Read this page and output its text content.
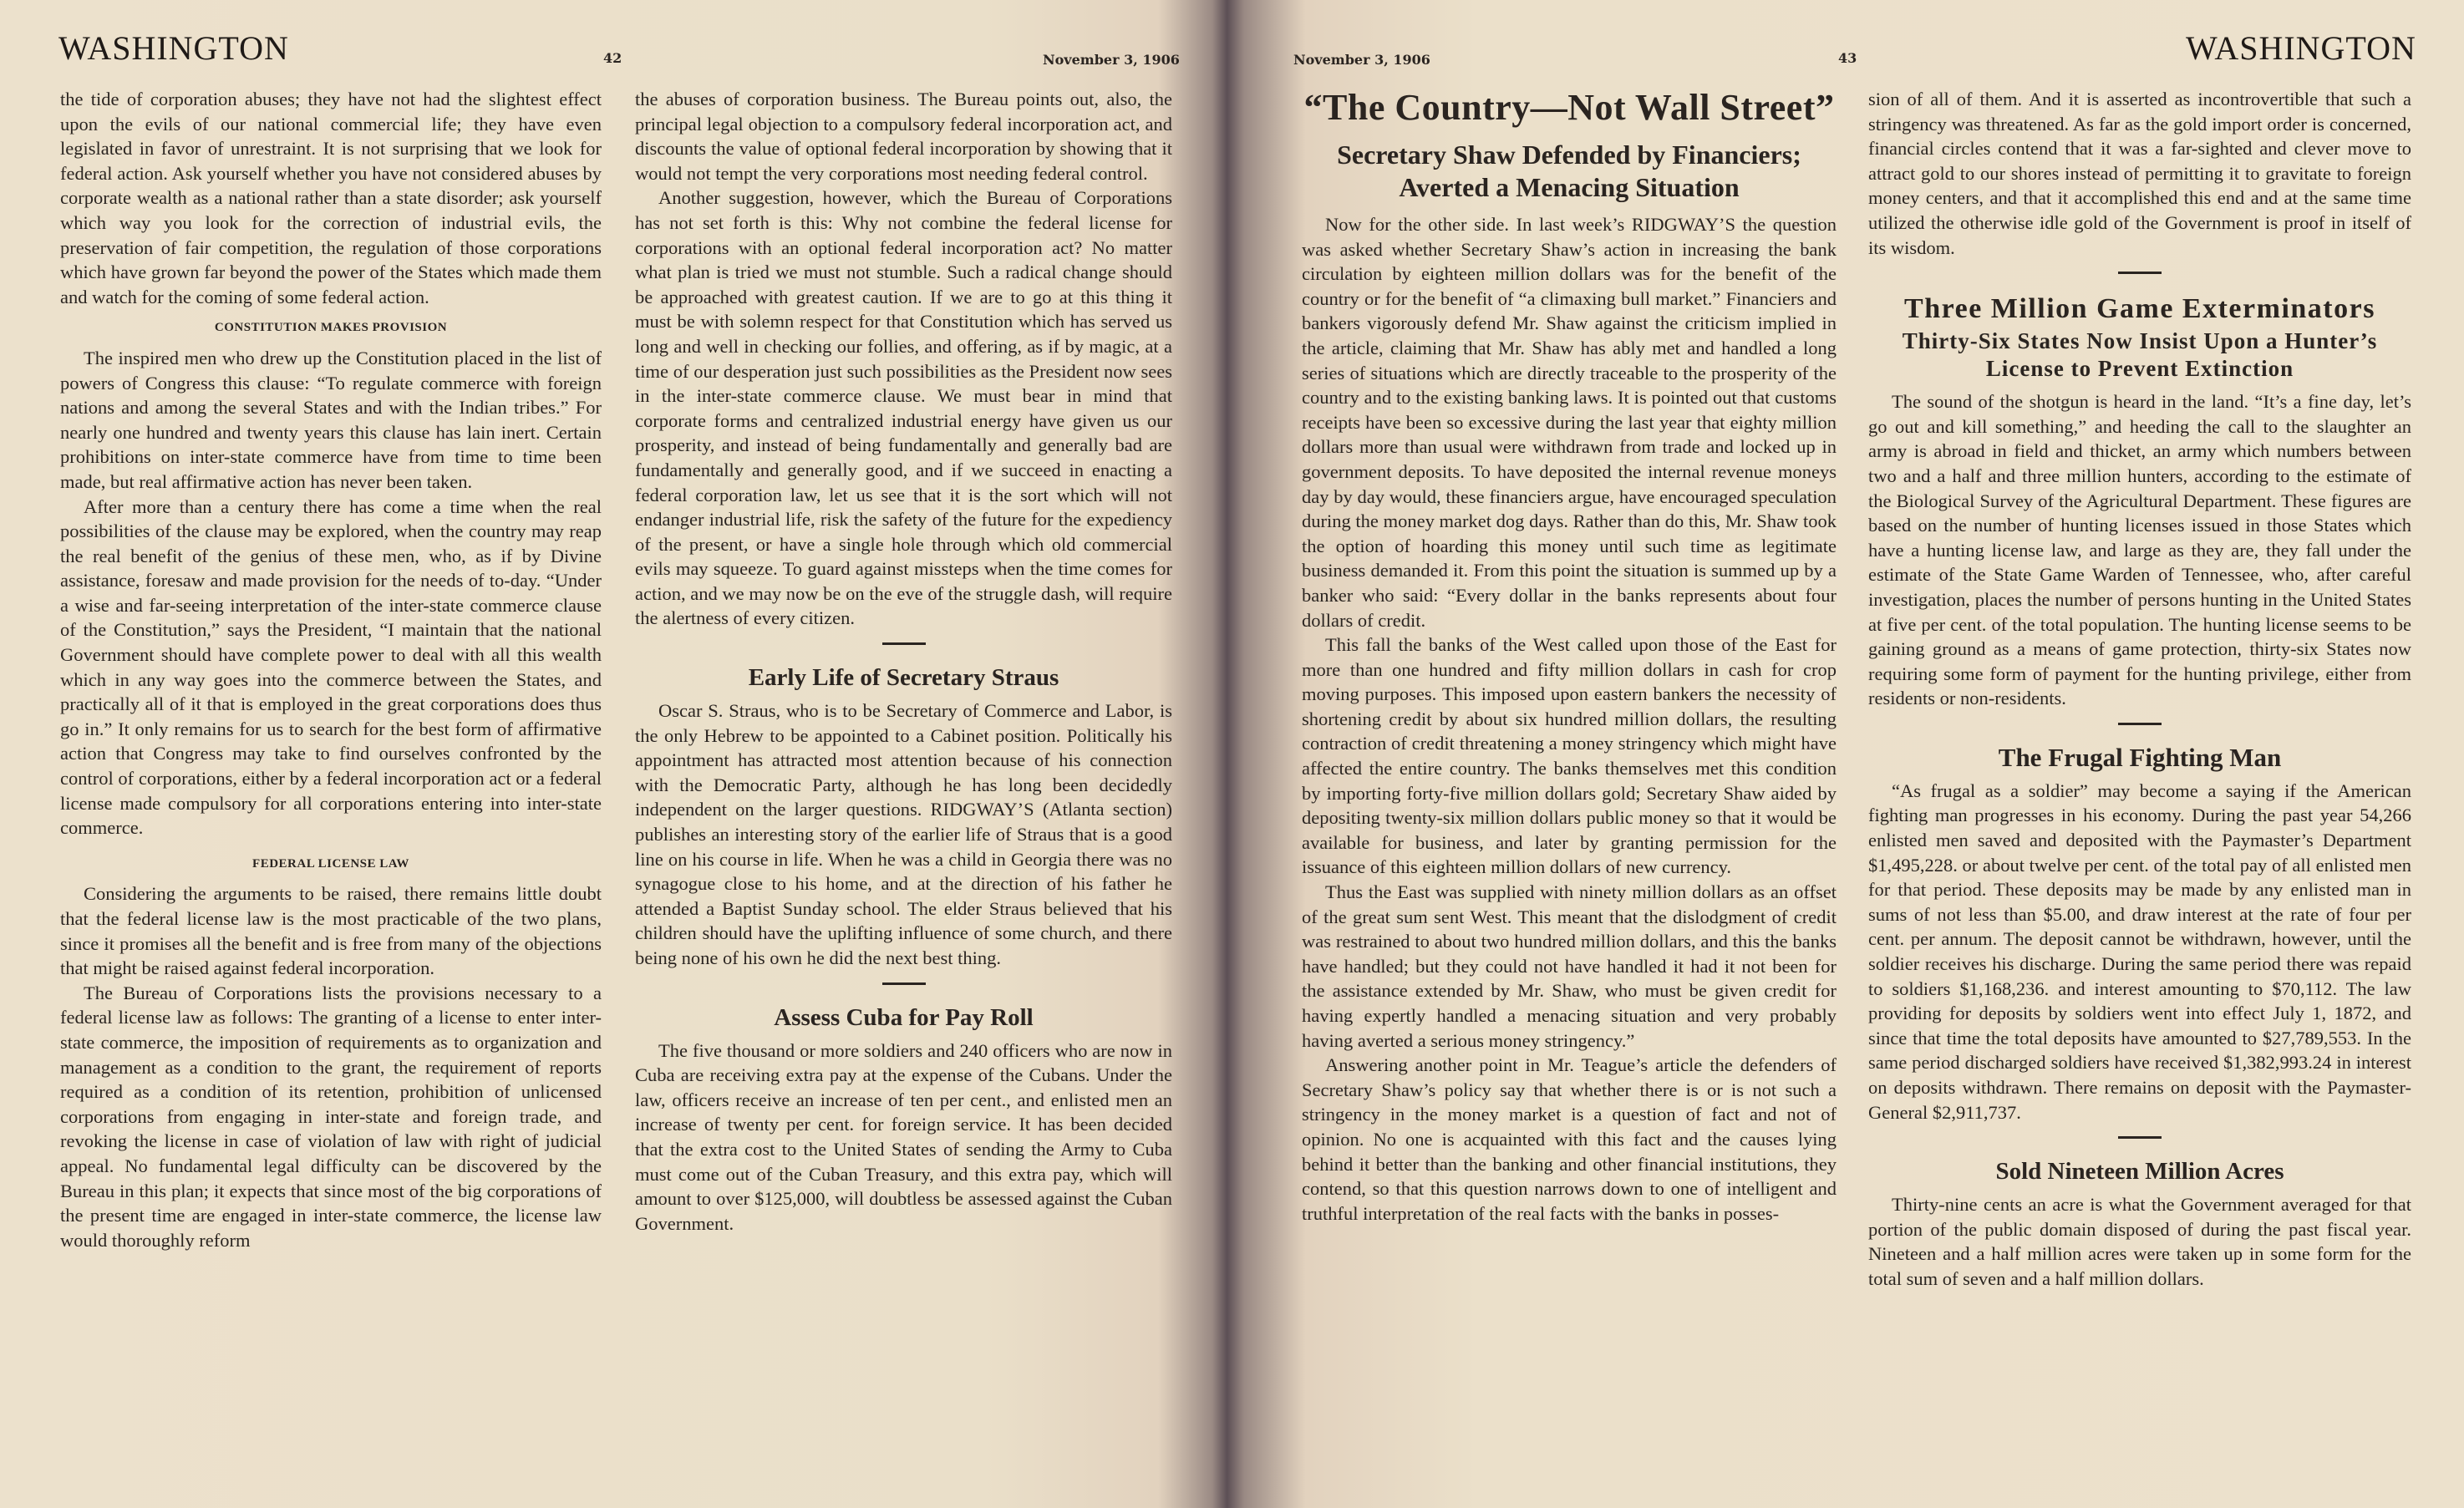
WASHINGTON	42	November 3, 1906

the tide of corporation abuses; they have not had the slightest effect upon the evils of our national commercial life; they have even legislated in favor of unrestraint. It is not surprising that we look for federal action. Ask yourself whether you have not considered abuses by corporate wealth as a national rather than a state disorder; ask yourself which way you look for the correction of industrial evils, the preservation of fair competition, the regulation of those corporations which have grown far beyond the power of the States which made them and watch for the coming of some federal action.

CONSTITUTION MAKES PROVISION

The inspired men who drew up the Constitution placed in the list of powers of Congress this clause: “To regulate commerce with foreign nations and among the several States and with the Indian tribes.” For nearly one hundred and twenty years this clause has lain inert. Certain prohibitions on inter-state commerce have from time to time been made, but real affirmative action has never been taken.

After more than a century there has come a time when the real possibilities of the clause may be explored, when the country may reap the real benefit of the genius of these men, who, as if by Divine assistance, foresaw and made provision for the needs of to-day. “Under a wise and far-seeing interpretation of the inter-state commerce clause of the Constitution,” says the President, “I maintain that the national Government should have complete power to deal with all this wealth which in any way goes into the commerce between the States, and practically all of it that is employed in the great corporations does thus go in.” It only remains for us to search for the best form of affirmative action that Congress may take to find ourselves confronted by the control of corporations, either by a federal incorporation act or a federal license made compulsory for all corporations entering into inter-state commerce.

FEDERAL LICENSE LAW

Considering the arguments to be raised, there remains little doubt that the federal license law is the most practicable of the two plans, since it promises all the benefit and is free from many of the objections that might be raised against federal incorporation.

The Bureau of Corporations lists the provisions necessary to a federal license law as follows: The granting of a license to enter inter-state commerce, the imposition of requirements as to organization and management as a condition to the grant, the requirement of reports required as a condition of its retention, prohibition of unlicensed corporations from engaging in inter-state and foreign trade, and revoking the license in case of violation of law with right of judicial appeal. No fundamental legal difficulty can be discovered by the Bureau in this plan; it expects that since most of the big corporations of the present time are engaged in inter-state commerce, the license law would thoroughly reform

the abuses of corporation business. The Bureau points out, also, the principal legal objection to a compulsory federal incorporation act, and discounts the value of optional federal incorporation by showing that it would not tempt the very corporations most needing federal control.

Another suggestion, however, which the Bureau of Corporations has not set forth is this: Why not combine the federal license for corporations with an optional federal incorporation act? No matter what plan is tried we must not stumble. Such a radical change should be approached with greatest caution. If we are to go at this thing it must be with solemn respect for that Constitution which has served us long and well in checking our follies, and offering, as if by magic, at a time of our desperation just such possibilities as the President now sees in the inter-state commerce clause. We must bear in mind that corporate forms and centralized industrial energy have given us our prosperity, and instead of being fundamentally and generally bad are fundamentally and generally good, and if we succeed in enacting a federal corporation law, let us see that it is the sort which will not endanger industrial life, risk the safety of the future for the expediency of the present, or have a single hole through which old commercial evils may squeeze. To guard against missteps when the time comes for action, and we may now be on the eve of the struggle dash, will require the alertness of every citizen.

Early Life of Secretary Straus

Oscar S. Straus, who is to be Secretary of Commerce and Labor, is the only Hebrew to be appointed to a Cabinet position. Politically his appointment has attracted most attention because of his connection with the Democratic Party, although he has long been decidedly independent on the larger questions. RIDGWAY’S (Atlanta section) publishes an interesting story of the earlier life of Straus that is a good line on his course in life. When he was a child in Georgia there was no synagogue close to his home, and at the direction of his father he attended a Baptist Sunday school. The elder Straus believed that his children should have the uplifting influence of some church, and there being none of his own he did the next best thing.

Assess Cuba for Pay Roll

The five thousand or more soldiers and 240 officers who are now in Cuba are receiving extra pay at the expense of the Cubans. Under the law, officers receive an increase of ten per cent., and enlisted men an increase of twenty per cent. for foreign service. It has been decided that the extra cost to the United States of sending the Army to Cuba must come out of the Cuban Treasury, and this extra pay, which will amount to over $125,000, will doubtless be assessed against the Cuban Government.

November 3, 1906	43	WASHINGTON
“The Country—Not Wall Street”
Secretary Shaw Defended by Financiers; Averted a Menacing Situation

Now for the other side. In last week’s RIDGWAY’S the question was asked whether Secretary Shaw’s action in increasing the bank circulation by eighteen million dollars was for the benefit of the country or for the benefit of “a climaxing bull market.” Financiers and bankers vigorously defend Mr. Shaw against the criticism implied in the article, claiming that Mr. Shaw has ably met and handled a long series of situations which are directly traceable to the prosperity of the country and to the existing banking laws. It is pointed out that customs receipts have been so excessive during the last year that eighty million dollars more than usual were withdrawn from trade and locked up in government deposits. To have deposited the internal revenue moneys day by day would, these financiers argue, have encouraged speculation during the money market dog days. Rather than do this, Mr. Shaw took the option of hoarding this money until such time as legitimate business demanded it. From this point the situation is summed up by a banker who said: “Every dollar in the banks represents about four dollars of credit.

This fall the banks of the West called upon those of the East for more than one hundred and fifty million dollars in cash for crop moving purposes. This imposed upon eastern bankers the necessity of shortening credit by about six hundred million dollars, the resulting contraction of credit threatening a money stringency which might have affected the entire country. The banks themselves met this condition by importing forty-five million dollars gold; Secretary Shaw aided by depositing twenty-six million dollars public money so that it would be available for business, and later by granting permission for the issuance of this eighteen million dollars of new currency.

Thus the East was supplied with ninety million dollars as an offset of the great sum sent West. This meant that the dislodgment of credit was restrained to about two hundred million dollars, and this the banks have handled; but they could not have handled it had it not been for the assistance extended by Mr. Shaw, who must be given credit for having expertly handled a menacing situation and very probably having averted a serious money stringency.”

Answering another point in Mr. Teague’s article the defenders of Secretary Shaw’s policy say that whether there is or is not such a stringency in the money market is a question of fact and not of opinion. No one is acquainted with this fact and the causes lying behind it better than the banking and other financial institutions, they contend, so that this question narrows down to one of intelligent and truthful interpretation of the real facts with the banks in posses-

sion of all of them. And it is asserted as incontrovertible that such a stringency was threatened. As far as the gold import order is concerned, financial circles contend that it was a far-sighted and clever move to attract gold to our shores instead of permitting it to gravitate to foreign money centers, and that it accomplished this end and at the same time utilized the otherwise idle gold of the Government is proof in itself of its wisdom.

Three Million Game Exterminators
Thirty-Six States Now Insist Upon a Hunter’s License to Prevent Extinction

The sound of the shotgun is heard in the land. “It’s a fine day, let’s go out and kill something,” and heeding the call to the slaughter an army is abroad in field and thicket, an army which numbers between two and a half and three million hunters, according to the estimate of the Biological Survey of the Agricultural Department. These figures are based on the number of hunting licenses issued in those States which have a hunting license law, and large as they are, they fall under the estimate of the State Game Warden of Tennessee, who, after careful investigation, places the number of persons hunting in the United States at five per cent. of the total population. The hunting license seems to be gaining ground as a means of game protection, thirty-six States now requiring some form of payment for the hunting privilege, either from residents or non-residents.

The Frugal Fighting Man

“As frugal as a soldier” may become a saying if the American fighting man progresses in his economy. During the past year 54,266 enlisted men saved and deposited with the Paymaster’s Department $1,495,228. or about twelve per cent. of the total pay of all enlisted men for that period. These deposits may be made by any enlisted man in sums of not less than $5.00, and draw interest at the rate of four per cent. per annum. The deposit cannot be withdrawn, however, until the soldier receives his discharge. During the same period there was repaid to soldiers $1,168,236. and interest amounting to $70,112. The law providing for deposits by soldiers went into effect July 1, 1872, and since that time the total deposits have amounted to $27,789,553. In the same period discharged soldiers have received $1,382,993.24 in interest on deposits withdrawn. There remains on deposit with the Paymaster-General $2,911,737.

Sold Nineteen Million Acres

Thirty-nine cents an acre is what the Government averaged for that portion of the public domain disposed of during the past fiscal year. Nineteen and a half million acres were taken up in some form for the total sum of seven and a half million dollars.
